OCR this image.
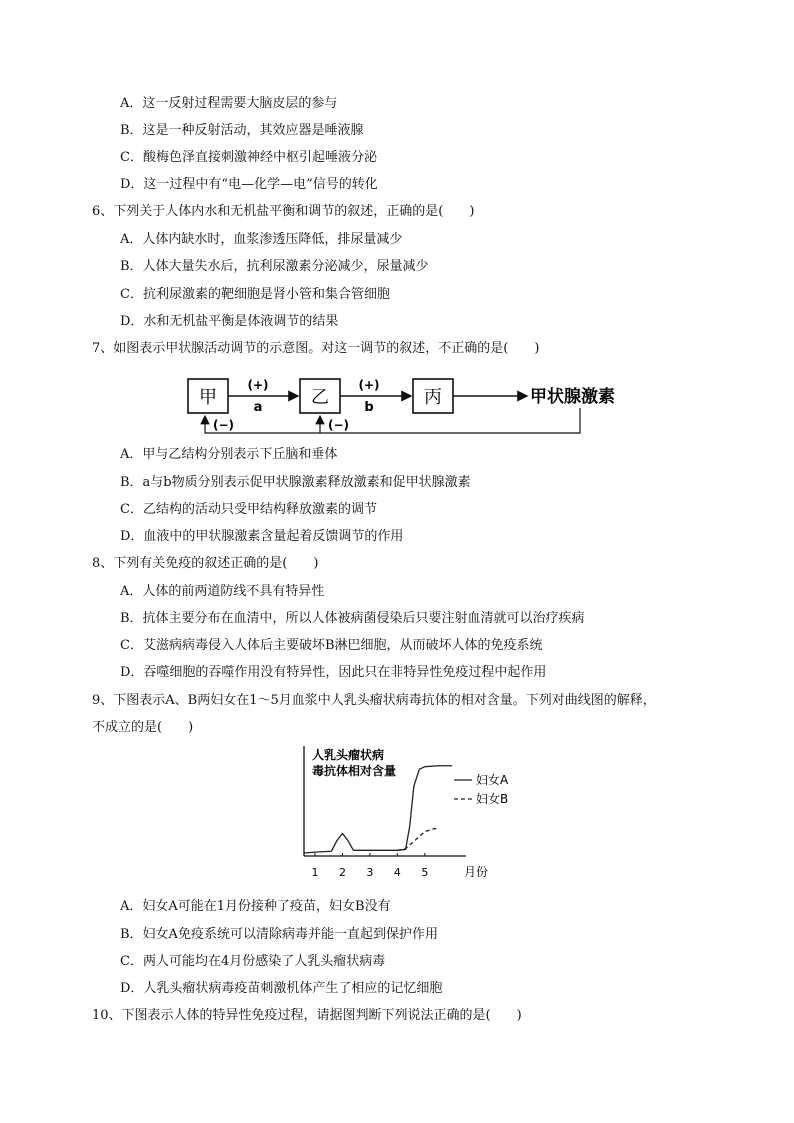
A．这一反射过程需要大脑皮层的参与
B．这是一种反射活动，其效应器是唾液腺
C．酸梅色泽直接刺激神经中枢引起唾液分泌
D．这一过程中有“电—化学—电”信号的转化
6、下列关于人体内水和无机盐平衡和调节的叙述，正确的是(　　)
A．人体内缺水时，血浆渗透压降低，排尿量减少
B．人体大量失水后，抗利尿激素分泌减少，尿量减少
C．抗利尿激素的靶细胞是肾小管和集合管细胞
D．水和无机盐平衡是体液调节的结果
7、如图表示甲状腺活动调节的示意图。对这一调节的叙述，不正确的是(　　)
甲	乙	丙
(+)
a
(+)
b
甲状腺激素
(−)	(−)
A．甲与乙结构分别表示下丘脑和垂体
B．a与b物质分别表示促甲状腺激素释放激素和促甲状腺激素
C．乙结构的活动只受甲结构释放激素的调节
D．血液中的甲状腺激素含量起着反馈调节的作用
8、下列有关免疫的叙述正确的是(　　)
A．人体的前两道防线不具有特异性
B．抗体主要分布在血清中，所以人体被病菌侵染后只要注射血清就可以治疗疾病
C．艾滋病病毒侵入人体后主要破坏B淋巴细胞，从而破坏人体的免疫系统
D．吞噬细胞的吞噬作用没有特异性，因此只在非特异性免疫过程中起作用
9、下图表示A、B两妇女在1～5月血浆中人乳头瘤状病毒抗体的相对含量。下列对曲线图的解释，
不成立的是(　　)
人乳头瘤状病
毒抗体相对含量
月份
1 2 3 4 5
妇女A
妇女B
A．妇女A可能在1月份接种了疫苗，妇女B没有
B．妇女A免疫系统可以清除病毒并能一直起到保护作用
C．两人可能均在4月份感染了人乳头瘤状病毒
D．人乳头瘤状病毒疫苗刺激机体产生了相应的记忆细胞
10、下图表示人体的特异性免疫过程，请据图判断下列说法正确的是(　　)
